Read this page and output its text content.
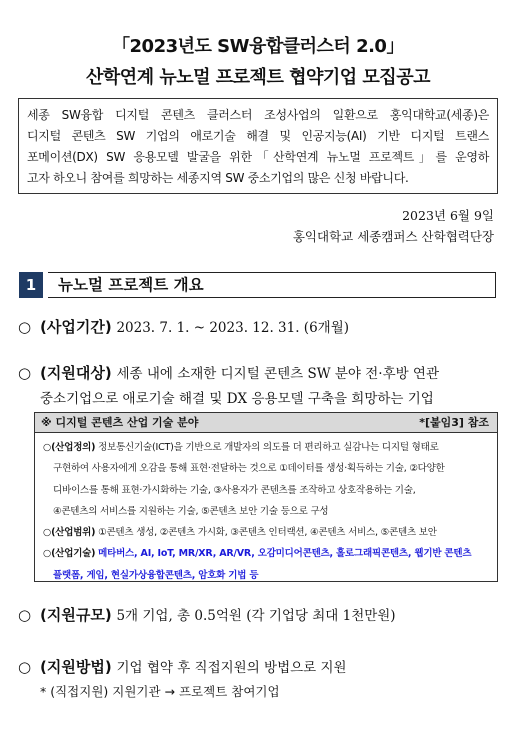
「2023년도 SW융합클러스터 2.0」
산학연계 뉴노멀 프로젝트 협약기업 모집공고
세종 SW융합 디지털 콘텐츠 클러스터 조성사업의 일환으로 홍익대학교(세종)은
디지털 콘텐츠 SW 기업의 애로기술 해결 및 인공지능(AI) 기반 디지털 트랜스
포메이션(DX) SW 응용모델 발굴을 위한「산학연계 뉴노멀 프로젝트」를 운영하
고자 하오니 참여를 희망하는 세종지역 SW 중소기업의 많은 신청 바랍니다.
2023년 6월 9일
홍익대학교 세종캠퍼스 산학협력단장
1	뉴노멀 프로젝트 개요
○ (사업기간) 2023. 7. 1. ~ 2023. 12. 31. (6개월)
○ (지원대상) 세종 내에 소재한 디지털 콘텐츠 SW 분야 전·후방 연관
중소기업으로 애로기술 해결 및 DX 응용모델 구축을 희망하는 기업
※ 디지털 콘텐츠 산업 기술 분야	*[붙임3] 참조
○(산업정의) 정보통신기술(ICT)을 기반으로 개발자의 의도를 더 편리하고 실감나는 디지털 형태로
구현하여 사용자에게 오감을 통해 표현·전달하는 것으로 ①데이터를 생성·획득하는 기술, ②다양한
디바이스를 통해 표현·가시화하는 기술, ③사용자가 콘텐츠를 조작하고 상호작용하는 기술,
④콘텐츠의 서비스를 지원하는 기술, ⑤콘텐츠 보안 기술 등으로 구성
○(산업범위) ①콘텐츠 생성, ②콘텐츠 가시화, ③콘텐츠 인터랙션, ④콘텐츠 서비스, ⑤콘텐츠 보안
○(산업기술) 메타버스, AI, IoT, MR/XR, AR/VR, 오감미디어콘텐츠, 홀로그래픽콘텐츠, 웹기반 콘텐츠
플랫폼, 게임, 현실가상융합콘텐츠, 암호화 기법 등
○ (지원규모) 5개 기업, 총 0.5억원 (각 기업당 최대 1천만원)
○ (지원방법) 기업 협약 후 직접지원의 방법으로 지원
* (직접지원) 지원기관 → 프로젝트 참여기업
